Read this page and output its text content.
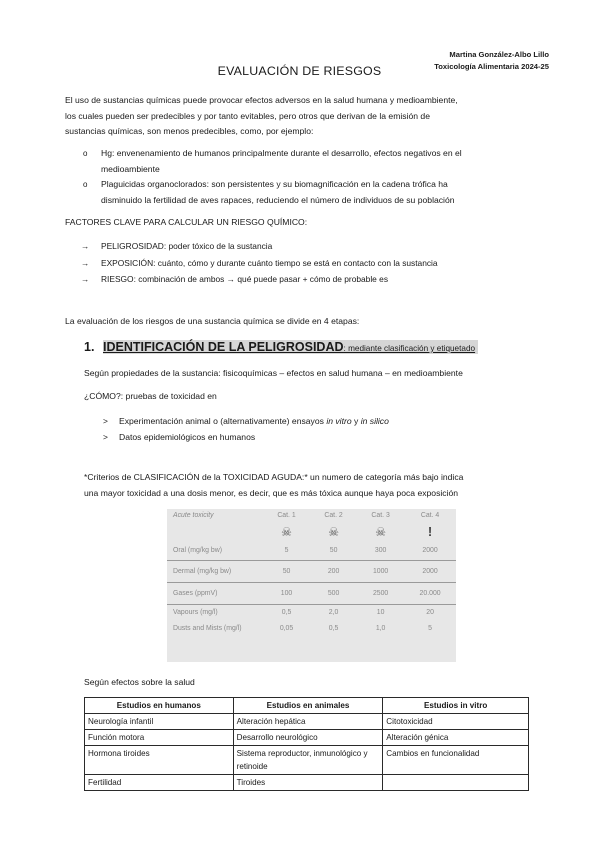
Martina González-Albo Lillo
Toxicología Alimentaria 2024-25
EVALUACIÓN DE RIESGOS
El uso de sustancias químicas puede provocar efectos adversos en la salud humana y medioambiente,
los cuales pueden ser predecibles y por tanto evitables, pero otros que derivan de la emisión de
sustancias químicas, son menos predecibles, como, por ejemplo:
o Hg: envenenamiento de humanos principalmente durante el desarrollo, efectos negativos en el
medioambiente
o Plaguicidas organoclorados: son persistentes y su biomagnificación en la cadena trófica ha
disminuido la fertilidad de aves rapaces, reduciendo el número de individuos de su población
FACTORES CLAVE PARA CALCULAR UN RIESGO QUÍMICO:
→ PELIGROSIDAD: poder tóxico de la sustancia
→ EXPOSICIÓN: cuánto, cómo y durante cuánto tiempo se está en contacto con la sustancia
→ RIESGO: combinación de ambos → qué puede pasar + cómo de probable es
La evaluación de los riesgos de una sustancia química se divide en 4 etapas:
1. IDENTIFICACIÓN DE LA PELIGROSIDAD: mediante clasificación y etiquetado
Según propiedades de la sustancia: fisicoquímicas – efectos en salud humana – en medioambiente
¿CÓMO?: pruebas de toxicidad en
> Experimentación animal o (alternativamente) ensayos in vitro y in silico
> Datos epidemiológicos en humanos
*Criterios de CLASIFICACIÓN de la TOXICIDAD AGUDA:* un numero de categoría más bajo indica
una mayor toxicidad a una dosis menor, es decir, que es más tóxica aunque haya poca exposición
Acute toxicity	Cat. 1	Cat. 2	Cat. 3	Cat. 4
	☠	☠	☠	!
Oral (mg/kg bw)	5	50	300	2000
Dermal (mg/kg bw)	50	200	1000	2000
Gases (ppmV)	100	500	2500	20.000
Vapours (mg/l)	0,5	2,0	10	20
Dusts and Mists (mg/l)	0,05	0,5	1,0	5
Según efectos sobre la salud
Estudios en humanos	Estudios en animales	Estudios in vitro
Neurología infantil	Alteración hepática	Citotoxicidad
Función motora	Desarrollo neurológico	Alteración génica
Hormona tiroides	Sistema reproductor, inmunológico y retinoide	Cambios en funcionalidad
Fertilidad	Tiroides	
